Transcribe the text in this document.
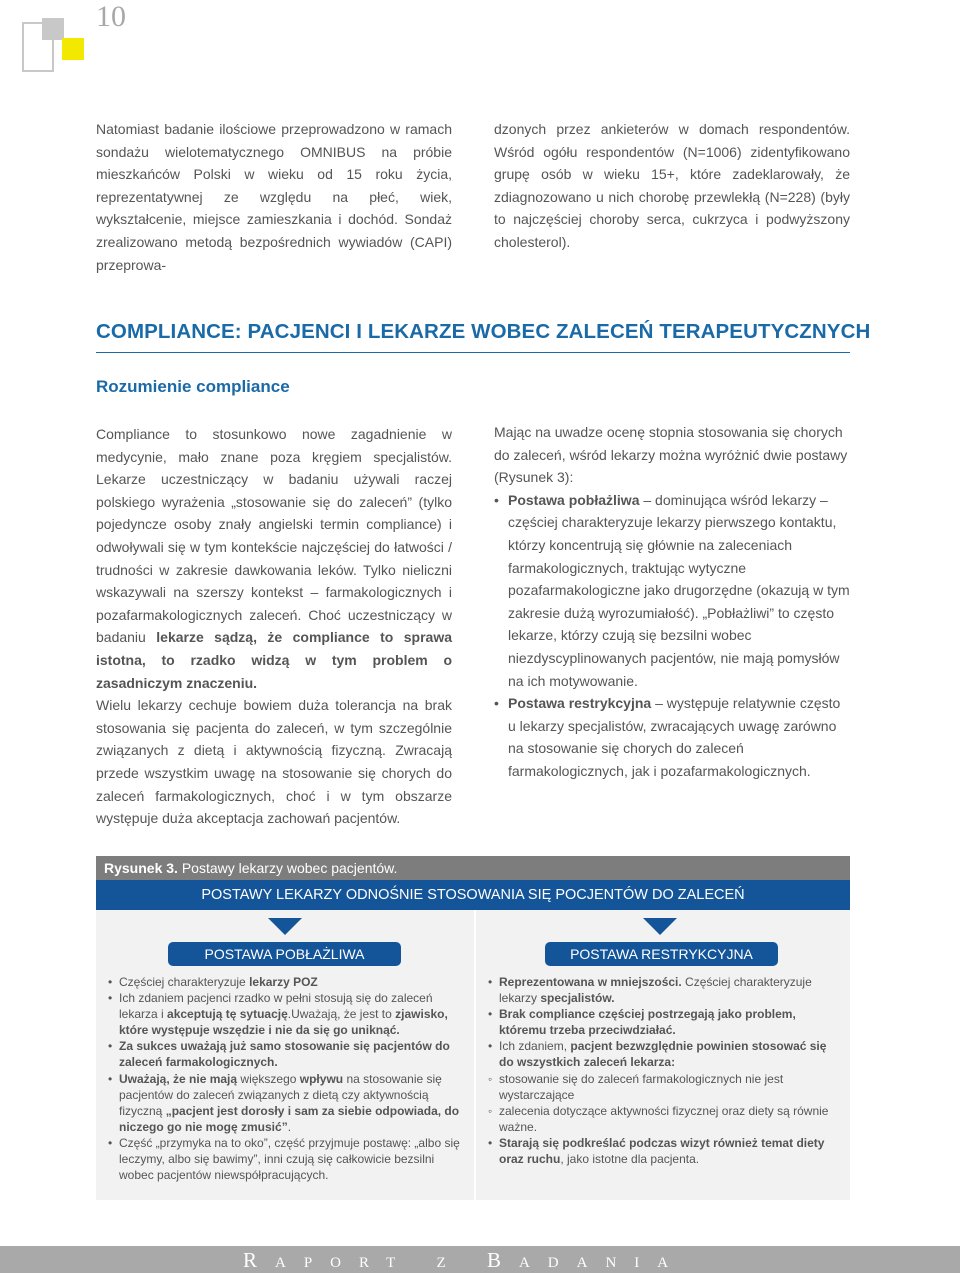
10

Natomiast badanie ilościowe przeprowadzono w ramach sondażu wielotematycznego OMNIBUS na próbie mieszkańców Polski w wieku od 15 roku życia, reprezentatywnej ze względu na płeć, wiek, wykształcenie, miejsce zamieszkania i dochód. Sondaż zrealizowano metodą bezpośrednich wywiadów (CAPI) przeprowa-

dzonych przez ankieterów w domach respondentów. Wśród ogółu respondentów (N=1006) zidentyfikowano grupę osób w wieku 15+, które zadeklarowały, że zdiagnozowano u nich chorobę przewlekłą (N=228) (były to najczęściej choroby serca, cukrzyca i podwyższony cholesterol).

COMPLIANCE: PACJENCI I LEKARZE WOBEC ZALECEŃ TERAPEUTYCZNYCH
Rozumienie compliance

Compliance to stosunkowo nowe zagadnienie w medycynie, mało znane poza kręgiem specjalistów. Lekarze uczestniczący w badaniu używali raczej polskiego wyrażenia „stosowanie się do zaleceń” (tylko pojedyncze osoby znały angielski termin compliance) i odwoływali się w tym kontekście najczęściej do łatwości / trudności w zakresie dawkowania leków. Tylko nieliczni wskazywali na szerszy kontekst – farmakologicznych i pozafarmakologicznych zaleceń. Choć uczestniczący w badaniu lekarze sądzą, że compliance to sprawa istotna, to rzadko widzą w tym problem o zasadniczym znaczeniu.

Wielu lekarzy cechuje bowiem duża tolerancja na brak stosowania się pacjenta do zaleceń, w tym szczególnie związanych z dietą i aktywnością fizyczną. Zwracają przede wszystkim uwagę na stosowanie się chorych do zaleceń farmakologicznych, choć i w tym obszarze występuje duża akceptacja zachowań pacjentów.

Mając na uwadze ocenę stopnia stosowania się chorych do zaleceń, wśród lekarzy można wyróżnić dwie postawy (Rysunek 3):

• Postawa pobłażliwa – dominująca wśród lekarzy – częściej charakteryzuje lekarzy pierwszego kontaktu, którzy koncentrują się głównie na zaleceniach farmakologicznych, traktując wytyczne pozafarmakologiczne jako drugorzędne (okazują w tym zakresie dużą wyrozumiałość). „Pobłażliwi” to często lekarze, którzy czują się bezsilni wobec niezdyscyplinowanych pacjentów, nie mają pomysłów na ich motywowanie.

• Postawa restrykcyjna – występuje relatywnie często u lekarzy specjalistów, zwracających uwagę zarówno na stosowanie się chorych do zaleceń farmakologicznych, jak i pozafarmakologicznych.

Rysunek 3. Postawy lekarzy wobec pacjentów.
POSTAWY LEKARZY ODNOŚNIE STOSOWANIA SIĘ POCJENTÓW DO ZALECEŃ
POSTAWA POBŁAŻLIWA	POSTAWA RESTRYKCYJNA
• Częściej charakteryzuje lekarzy POZ
• Ich zdaniem pacjenci rzadko w pełni stosują się do zaleceń lekarza i akceptują tę sytuację.Uważają, że jest to zjawisko, które występuje wszędzie i nie da się go uniknąć.
• Za sukces uważają już samo stosowanie się pacjentów do zaleceń farmakologicznych.
• Uważają, że nie mają większego wpływu na stosowanie się pacjentów do zaleceń związanych z dietą czy aktywnością fizyczną „pacjent jest dorosły i sam za siebie odpowiada, do niczego go nie mogę zmusić”.
• Część „przymyka na to oko”, część przyjmuje postawę: „albo się leczymy, albo się bawimy”, inni czują się całkowicie bezsilni wobec pacjentów niewspółpracujących.
• Reprezentowana w mniejszości. Częściej charakteryzuje lekarzy specjalistów.
• Brak compliance częściej postrzegają jako problem, któremu trzeba przeciwdziałać.
• Ich zdaniem, pacjent bezwzględnie powinien stosować się do wszystkich zaleceń lekarza:
◦ stosowanie się do zaleceń farmakologicznych nie jest wystarczające
◦ zalecenia dotyczące aktywności fizycznej oraz diety są równie ważne.
• Starają się podkreślać podczas wizyt również temat diety oraz ruchu, jako istotne dla pacjenta.
Raport z Badania
